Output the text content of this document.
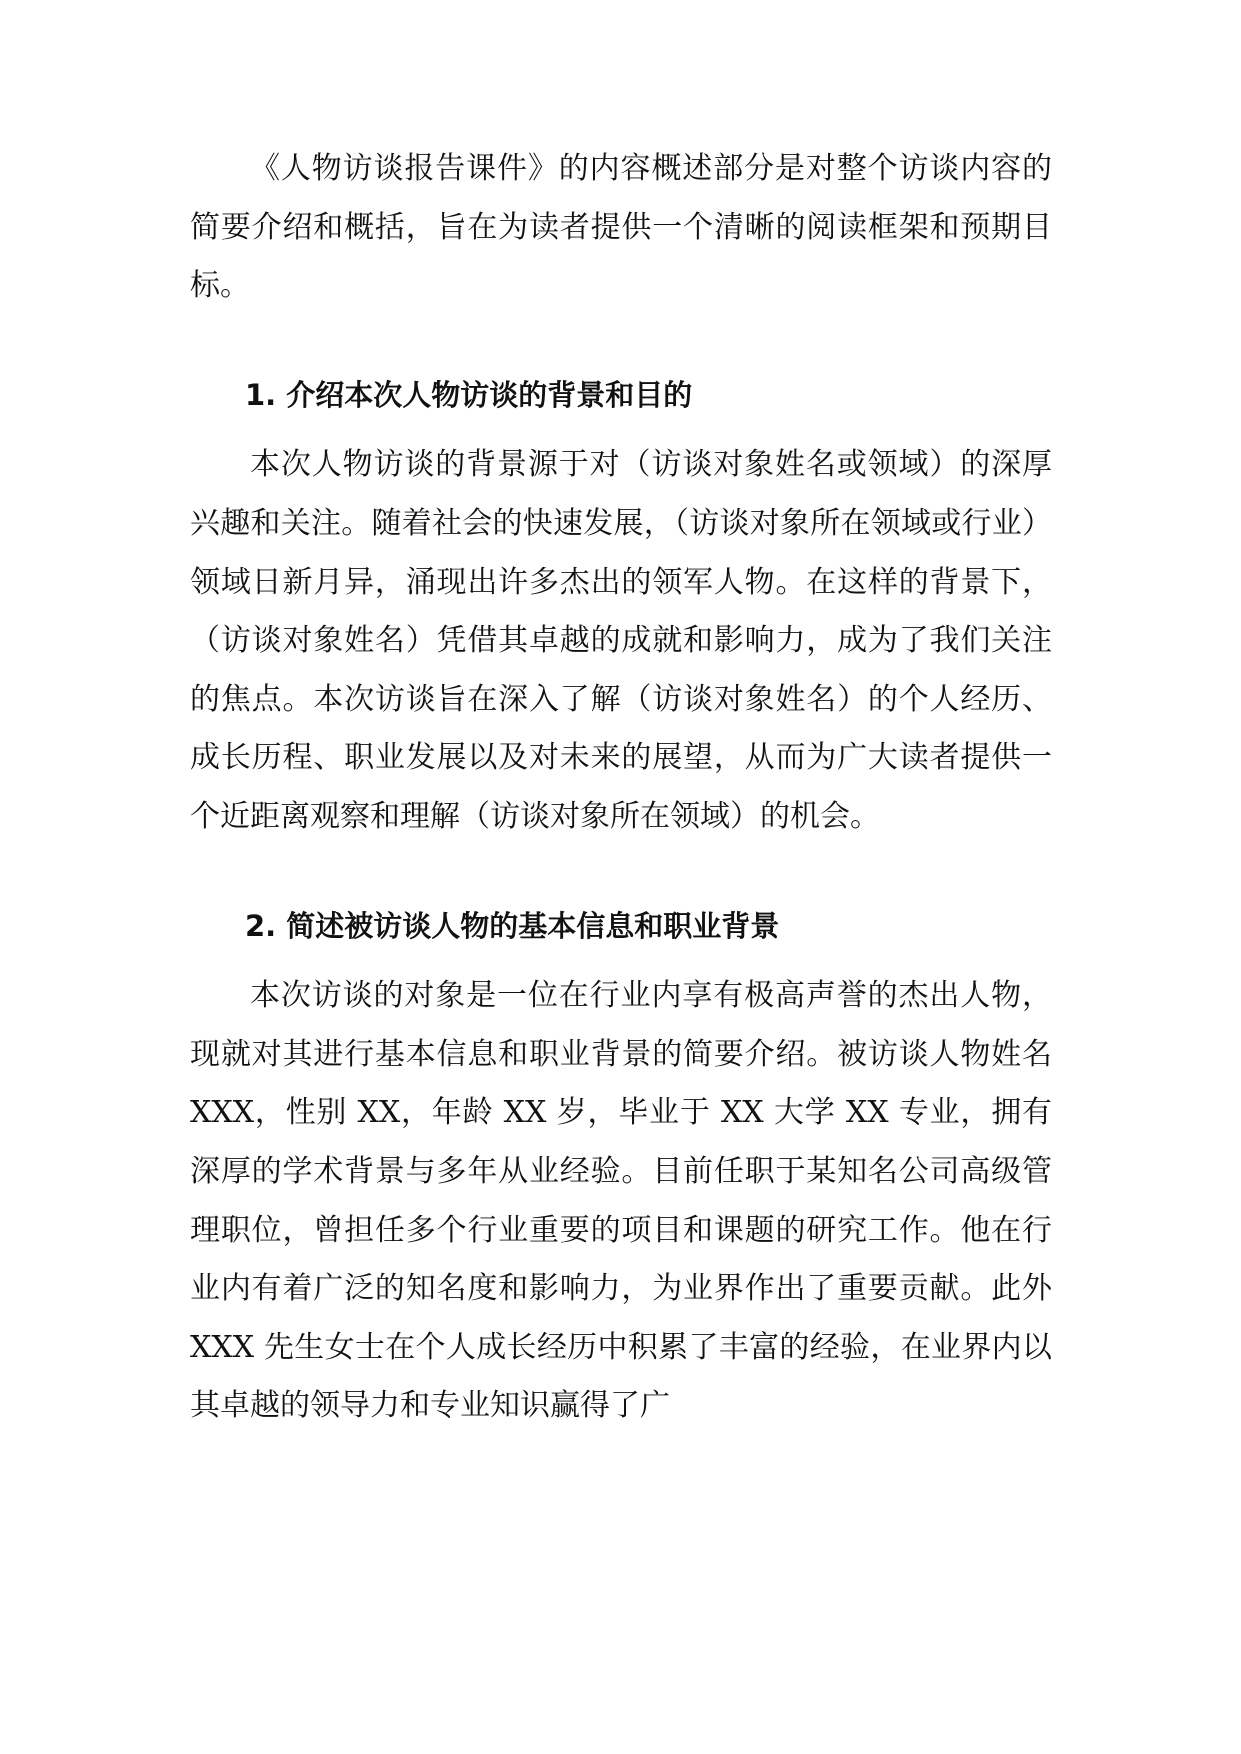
《人物访谈报告课件》的内容概述部分是对整个访谈内容的简要介绍和概括，旨在为读者提供一个清晰的阅读框架和预期目标。

1. 介绍本次人物访谈的背景和目的

本次人物访谈的背景源于对（访谈对象姓名或领域）的深厚兴趣和关注。随着社会的快速发展，（访谈对象所在领域或行业）领域日新月异，涌现出许多杰出的领军人物。在这样的背景下，（访谈对象姓名）凭借其卓越的成就和影响力，成为了我们关注的焦点。本次访谈旨在深入了解（访谈对象姓名）的个人经历、成长历程、职业发展以及对未来的展望，从而为广大读者提供一个近距离观察和理解（访谈对象所在领域）的机会。

2. 简述被访谈人物的基本信息和职业背景

本次访谈的对象是一位在行业内享有极高声誉的杰出人物，现就对其进行基本信息和职业背景的简要介绍。被访谈人物姓名 XXX，性别 XX，年龄 XX 岁，毕业于 XX 大学 XX 专业，拥有深厚的学术背景与多年从业经验。目前任职于某知名公司高级管理职位，曾担任多个行业重要的项目和课题的研究工作。他在行业内有着广泛的知名度和影响力，为业界作出了重要贡献。此外 XXX 先生女士在个人成长经历中积累了丰富的经验，在业界内以其卓越的领导力和专业知识赢得了广
